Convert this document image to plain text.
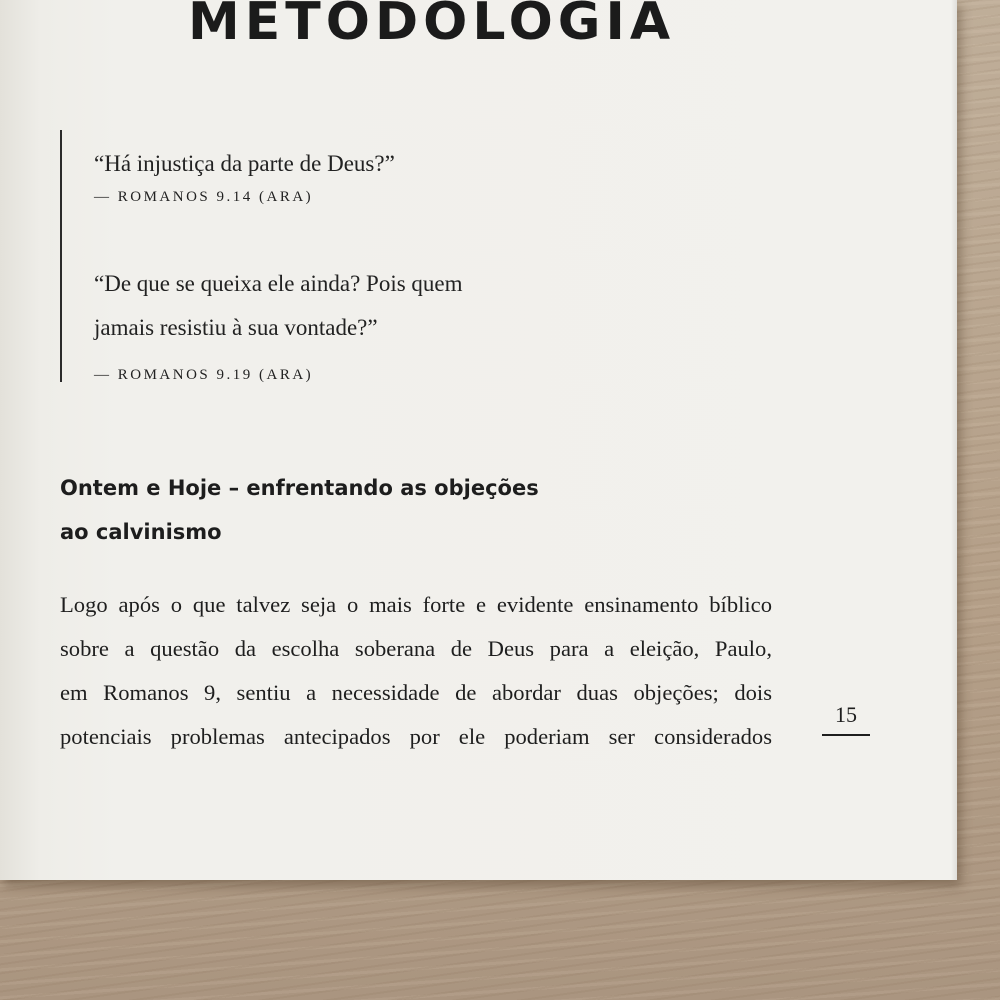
METODOLOGIA

“Há injustiça da parte de Deus?”

— ROMANOS 9.14 (ARA)

“De que se queixa ele ainda? Pois quem

jamais resistiu à sua vontade?”

— ROMANOS 9.19 (ARA)

Ontem e Hoje – enfrentando as objeções
ao calvinismo

Logo após o que talvez seja o mais forte e evidente ensinamento bíblico
sobre a questão da escolha soberana de Deus para a eleição, Paulo,
em Romanos 9, sentiu a necessidade de abordar duas objeções; dois
potenciais problemas antecipados por ele poderiam ser considerados

15
